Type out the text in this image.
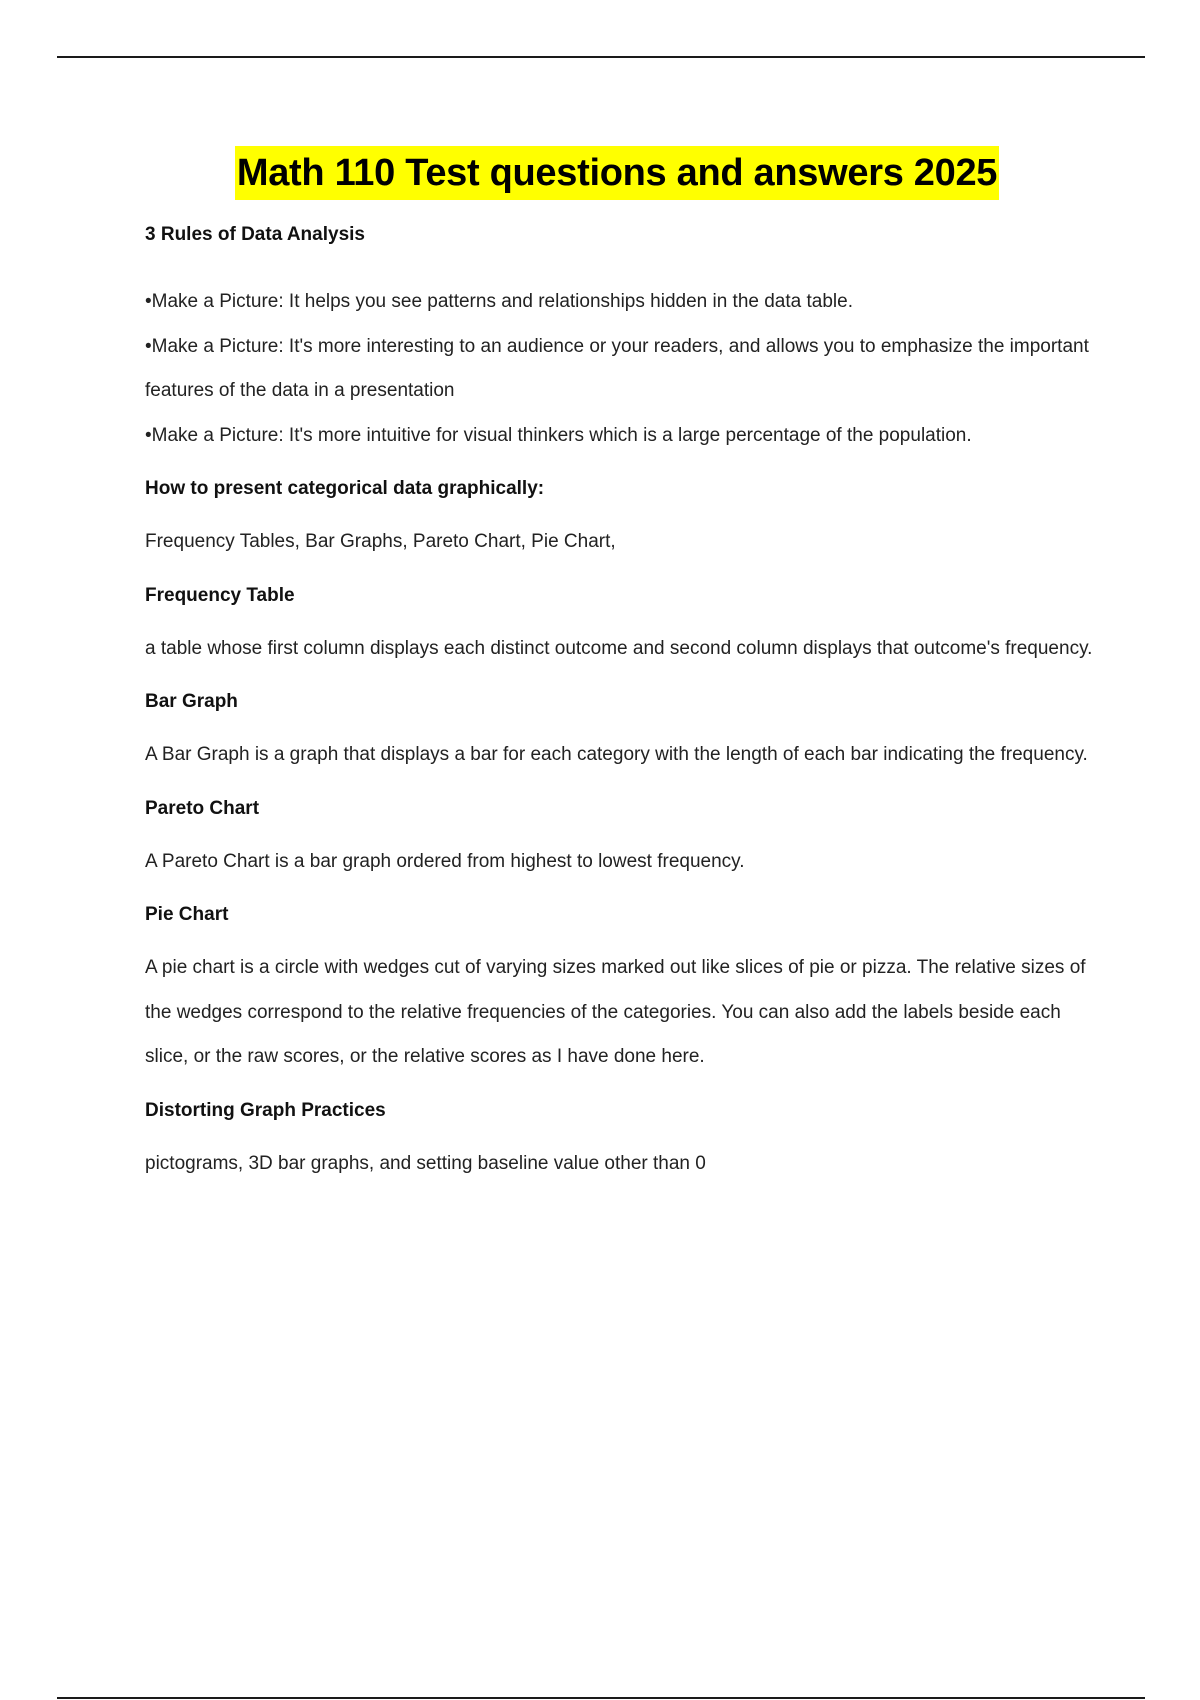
Math 110 Test questions and answers 2025

3 Rules of Data Analysis

•Make a Picture: It helps you see patterns and relationships hidden in the data table.

•Make a Picture: It's more interesting to an audience or your readers, and allows you to emphasize the important features of the data in a presentation

•Make a Picture: It's more intuitive for visual thinkers which is a large percentage of the population.

How to present categorical data graphically:

Frequency Tables, Bar Graphs, Pareto Chart, Pie Chart,

Frequency Table

a table whose first column displays each distinct outcome and second column displays that outcome's frequency.

Bar Graph

A Bar Graph is a graph that displays a bar for each category with the length of each bar indicating the frequency.

Pareto Chart

A Pareto Chart is a bar graph ordered from highest to lowest frequency.

Pie Chart

A pie chart is a circle with wedges cut of varying sizes marked out like slices of pie or pizza. The relative sizes of the wedges correspond to the relative frequencies of the categories. You can also add the labels beside each slice, or the raw scores, or the relative scores as I have done here.

Distorting Graph Practices

pictograms, 3D bar graphs, and setting baseline value other than 0
